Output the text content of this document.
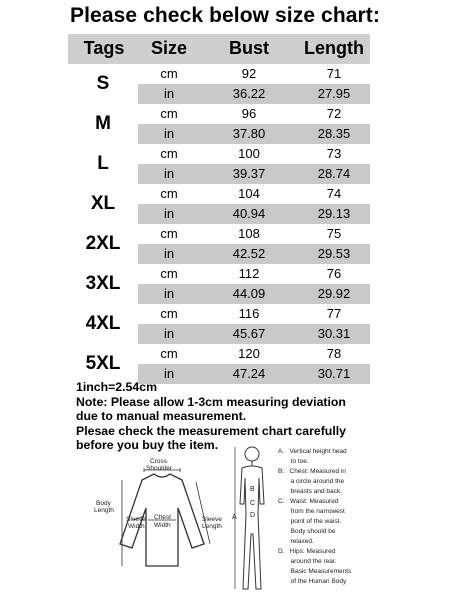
Please check below size chart:
Tags	Size	Bust	Length
S	cm	92	71
in	36.22	27.95
M	cm	96	72
in	37.80	28.35
L	cm	100	73
in	39.37	28.74
XL	cm	104	74
in	40.94	29.13
2XL	cm	108	75
in	42.52	29.53
3XL	cm	112	76
in	44.09	29.92
4XL	cm	116	77
in	45.67	30.31
5XL	cm	120	78
in	47.24	30.71
1inch=2.54cm
Note: Please allow 1-3cm measuring deviation
due to manual measurement.
Plesae check the measurement chart carefully
before you buy the item.
Cross
Shoulder
Body
Length
Sleeve
Width
Chest
Width
Sleeve
Length
A
B
C
D
A.   Vertical height head
to toe.
B.   Chest: Measured in
a circle around the
breasts and back.
C.   Waist: Measured
from the narrowest
point of the waist.
Body should be
relaxed.
D.   Hips: Measured
around the rear.
Basic Measurements
of the Human Body
